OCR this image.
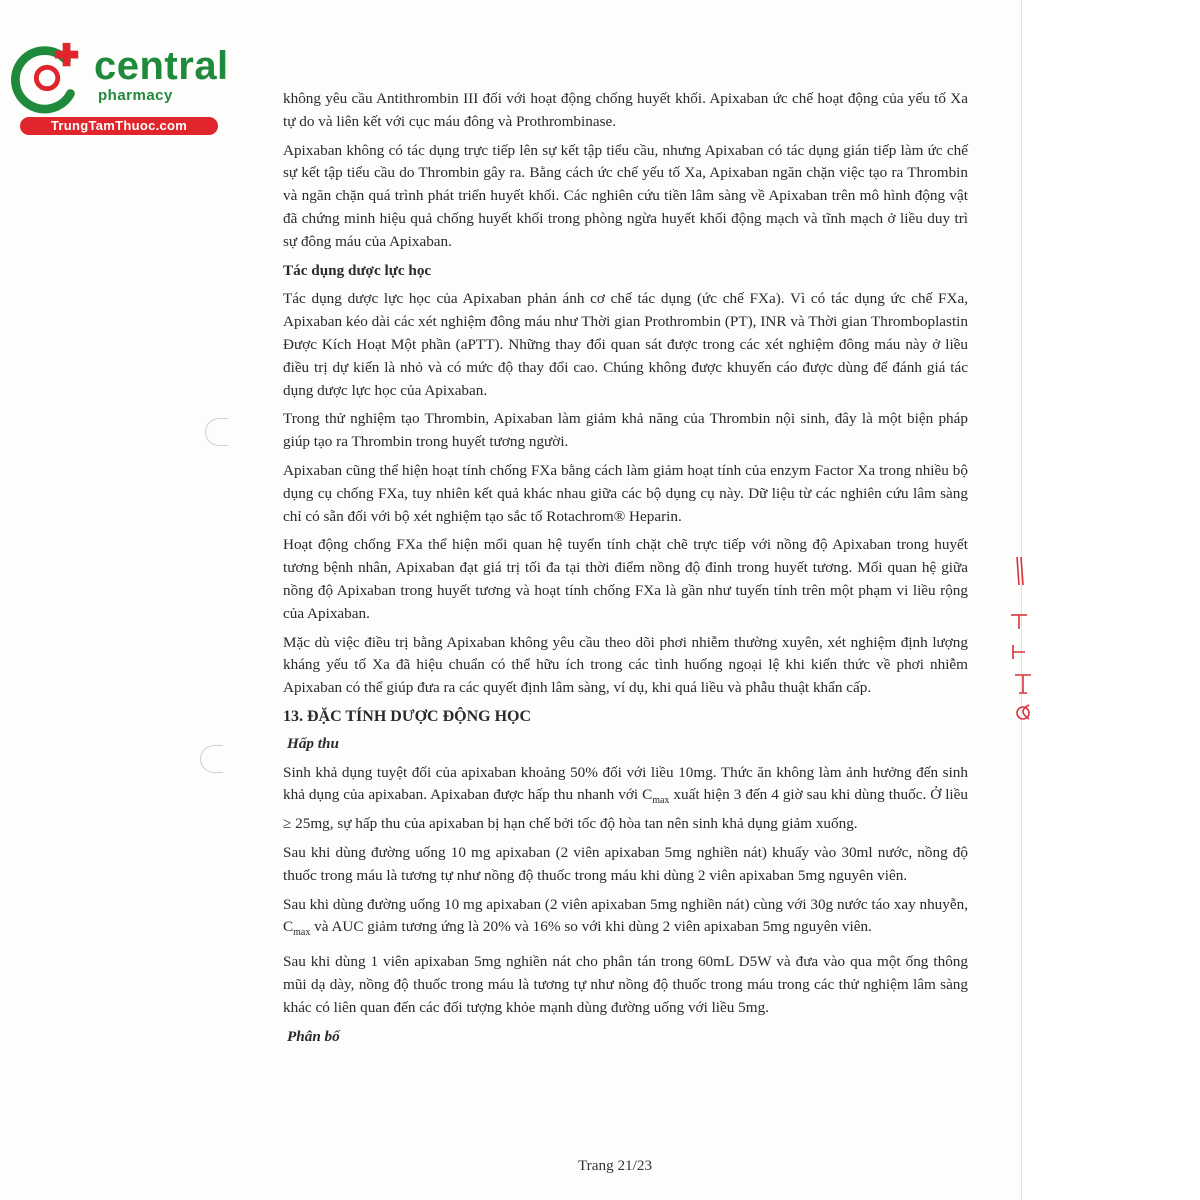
central
pharmacy
TrungTamThuoc.com

không yêu cầu Antithrombin III đối với hoạt động chống huyết khối. Apixaban ức chế hoạt động của yếu tố Xa tự do và liên kết với cục máu đông và Prothrombinase.

Apixaban không có tác dụng trực tiếp lên sự kết tập tiểu cầu, nhưng Apixaban có tác dụng gián tiếp làm ức chế sự kết tập tiểu cầu do Thrombin gây ra. Bằng cách ức chế yếu tố Xa, Apixaban ngăn chặn việc tạo ra Thrombin và ngăn chặn quá trình phát triển huyết khối. Các nghiên cứu tiền lâm sàng về Apixaban trên mô hình động vật đã chứng minh hiệu quả chống huyết khối trong phòng ngừa huyết khối động mạch và tĩnh mạch ở liều duy trì sự đông máu của Apixaban.

Tác dụng dược lực học

Tác dụng dược lực học của Apixaban phản ánh cơ chế tác dụng (ức chế FXa). Vì có tác dụng ức chế FXa, Apixaban kéo dài các xét nghiệm đông máu như Thời gian Prothrombin (PT), INR và Thời gian Thromboplastin Được Kích Hoạt Một phần (aPTT). Những thay đổi quan sát được trong các xét nghiệm đông máu này ở liều điều trị dự kiến là nhỏ và có mức độ thay đổi cao. Chúng không được khuyến cáo được dùng để đánh giá tác dụng dược lực học của Apixaban.

Trong thử nghiệm tạo Thrombin, Apixaban làm giảm khả năng của Thrombin nội sinh, đây là một biện pháp giúp tạo ra Thrombin trong huyết tương người.

Apixaban cũng thể hiện hoạt tính chống FXa bằng cách làm giảm hoạt tính của enzym Factor Xa trong nhiều bộ dụng cụ chống FXa, tuy nhiên kết quả khác nhau giữa các bộ dụng cụ này. Dữ liệu từ các nghiên cứu lâm sàng chỉ có sẵn đối với bộ xét nghiệm tạo sắc tố Rotachrom® Heparin.

Hoạt động chống FXa thể hiện mối quan hệ tuyến tính chặt chẽ trực tiếp với nồng độ Apixaban trong huyết tương bệnh nhân, Apixaban đạt giá trị tối đa tại thời điểm nồng độ đỉnh trong huyết tương. Mối quan hệ giữa nồng độ Apixaban trong huyết tương và hoạt tính chống FXa là gần như tuyến tính trên một phạm vi liều rộng của Apixaban.

Mặc dù việc điều trị bằng Apixaban không yêu cầu theo dõi phơi nhiễm thường xuyên, xét nghiệm định lượng kháng yếu tố Xa đã hiệu chuẩn có thể hữu ích trong các tình huống ngoại lệ khi kiến thức về phơi nhiễm Apixaban có thể giúp đưa ra các quyết định lâm sàng, ví dụ, khi quá liều và phẫu thuật khẩn cấp.

13. ĐẶC TÍNH DƯỢC ĐỘNG HỌC
Hấp thu

Sinh khả dụng tuyệt đối của apixaban khoảng 50% đối với liều 10mg. Thức ăn không làm ảnh hưởng đến sinh khả dụng của apixaban. Apixaban được hấp thu nhanh với $C_{max}$ xuất hiện 3 đến 4 giờ sau khi dùng thuốc. Ở liều ≥ 25mg, sự hấp thu của apixaban bị hạn chế bởi tốc độ hòa tan nên sinh khả dụng giảm xuống.

Sau khi dùng đường uống 10 mg apixaban (2 viên apixaban 5mg nghiền nát) khuấy vào 30ml nước, nồng độ thuốc trong máu là tương tự như nồng độ thuốc trong máu khi dùng 2 viên apixaban 5mg nguyên viên.

Sau khi dùng đường uống 10 mg apixaban (2 viên apixaban 5mg nghiền nát) cùng với 30g nước táo xay nhuyễn, $C_{max}$ và AUC giảm tương ứng là 20% và 16% so với khi dùng 2 viên apixaban 5mg nguyên viên.

Sau khi dùng 1 viên apixaban 5mg nghiền nát cho phân tán trong 60mL D5W và đưa vào qua một ống thông mũi dạ dày, nồng độ thuốc trong máu là tương tự như nồng độ thuốc trong máu trong các thử nghiệm lâm sàng khác có liên quan đến các đối tượng khỏe mạnh dùng đường uống với liều 5mg.

Phân bố
Trang 21/23
